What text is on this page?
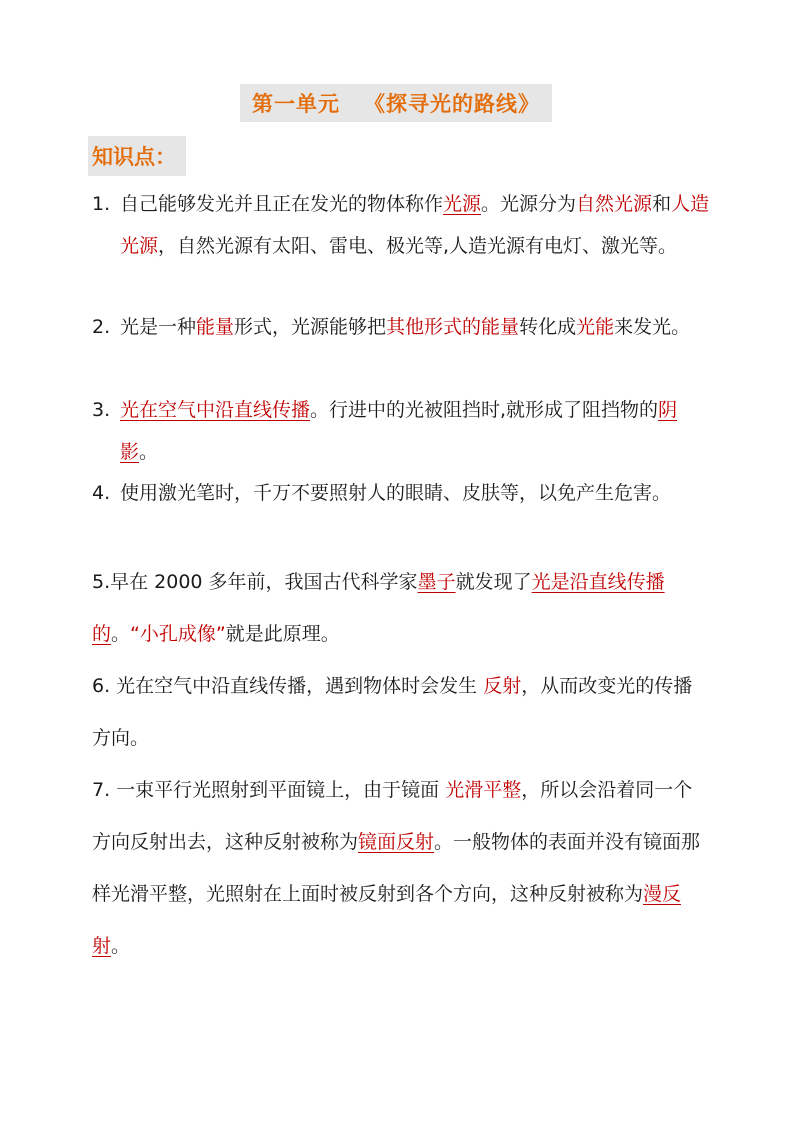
第一单元 《探寻光的路线》
知识点：
1. 自己能够发光并且正在发光的物体称作光源。光源分为自然光源和人造光源，自然光源有太阳、雷电、极光等,人造光源有电灯、激光等。

2. 光是一种能量形式，光源能够把其他形式的能量转化成光能来发光。

3. 光在空气中沿直线传播。行进中的光被阻挡时,就形成了阻挡物的阴影。

4. 使用激光笔时，千万不要照射人的眼睛、皮肤等，以免产生危害。

5.早在 2000 多年前，我国古代科学家墨子就发现了光是沿直线传播的。“小孔成像”就是此原理。

6. 光在空气中沿直线传播，遇到物体时会发生 反射，从而改变光的传播方向。

7. 一束平行光照射到平面镜上，由于镜面 光滑平整，所以会沿着同一个方向反射出去，这种反射被称为镜面反射。一般物体的表面并没有镜面那样光滑平整，光照射在上面时被反射到各个方向，这种反射被称为漫反射。
